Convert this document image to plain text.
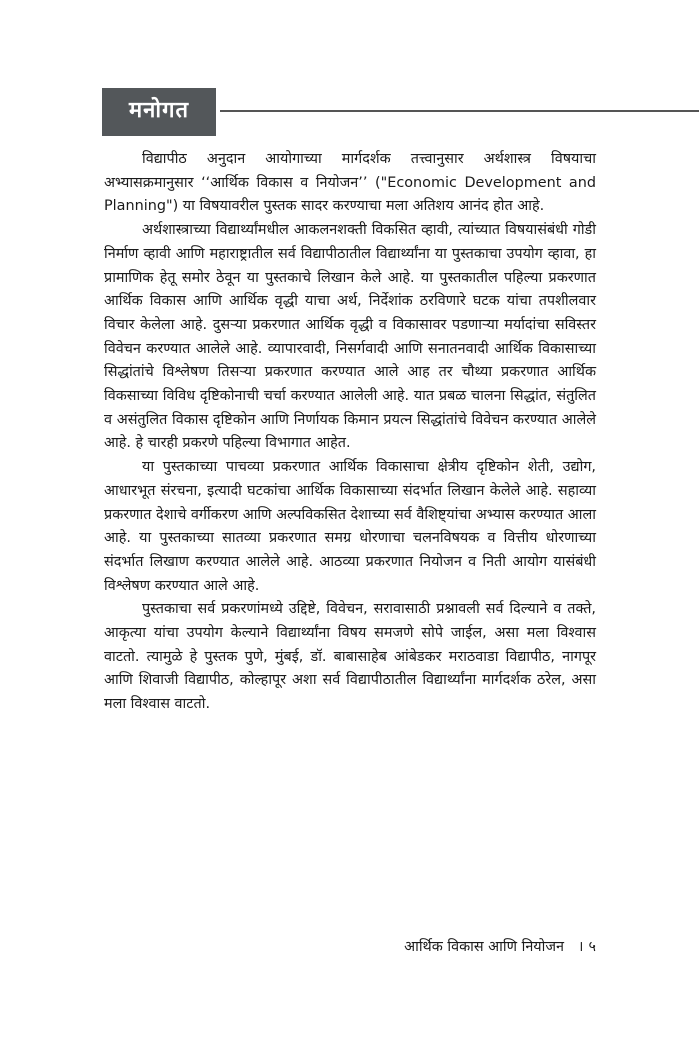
मनोगत

विद्यापीठ अनुदान आयोगाच्या मार्गदर्शक तत्त्वानुसार अर्थशास्त्र विषयाचा अभ्यासक्रमानुसार ‘‘आर्थिक विकास व नियोजन’’ ("Economic Development and Planning") या विषयावरील पुस्तक सादर करण्याचा मला अतिशय आनंद होत आहे.

अर्थशास्त्राच्या विद्यार्थ्यांमधील आकलनशक्ती विकसित व्हावी, त्यांच्यात विषयासंबंधी गोडी निर्माण व्हावी आणि महाराष्ट्रातील सर्व विद्यापीठातील विद्यार्थ्यांना या पुस्तकाचा उपयोग व्हावा, हा प्रामाणिक हेतू समोर ठेवून या पुस्तकाचे लिखान केले आहे. या पुस्तकातील पहिल्या प्रकरणात आर्थिक विकास आणि आर्थिक वृद्धी याचा अर्थ, निर्देशांक ठरविणारे घटक यांचा तपशीलवार विचार केलेला आहे. दुसऱ्या प्रकरणात आर्थिक वृद्धी व विकासावर पडणाऱ्या मर्यादांचा सविस्तर विवेचन करण्यात आलेले आहे. व्यापारवादी, निसर्गवादी आणि सनातनवादी आर्थिक विकासाच्या सिद्धांतांचे विश्लेषण तिसऱ्या प्रकरणात करण्यात आले आह तर चौथ्या प्रकरणात आर्थिक विकसाच्या विविध दृष्टिकोनाची चर्चा करण्यात आलेली आहे. यात प्रबळ चालना सिद्धांत, संतुलित व असंतुलित विकास दृष्टिकोन आणि निर्णायक किमान प्रयत्न सिद्धांतांचे विवेचन करण्यात आलेले आहे. हे चारही प्रकरणे पहिल्या विभागात आहेत.

या पुस्तकाच्या पाचव्या प्रकरणात आर्थिक विकासाचा क्षेत्रीय दृष्टिकोन शेती, उद्योग, आधारभूत संरचना, इत्यादी घटकांचा आर्थिक विकासाच्या संदर्भात लिखान केलेले आहे. सहाव्या प्रकरणात देशाचे वर्गीकरण आणि अल्पविकसित देशाच्या सर्व वैशिष्ट्यांचा अभ्यास करण्यात आला आहे. या पुस्तकाच्या सातव्या प्रकरणात समग्र धोरणाचा चलनविषयक व वित्तीय धोरणाच्या संदर्भात लिखाण करण्यात आलेले आहे. आठव्या प्रकरणात नियोजन व निती आयोग यासंबंधी विश्लेषण करण्यात आले आहे.

पुस्तकाचा सर्व प्रकरणांमध्ये उद्दिष्टे, विवेचन, सरावासाठी प्रश्नावली सर्व दिल्याने व तक्ते, आकृत्या यांचा उपयोग केल्याने विद्यार्थ्यांना विषय समजणे सोपे जाईल, असा मला विश्वास वाटतो. त्यामुळे हे पुस्तक पुणे, मुंबई, डॉ. बाबासाहेब आंबेडकर मराठवाडा विद्यापीठ, नागपूर आणि शिवाजी विद्यापीठ, कोल्हापूर अशा सर्व विद्यापीठातील विद्यार्थ्यांना मार्गदर्शक ठरेल, असा मला विश्वास वाटतो.

आर्थिक विकास आणि नियोजन । ५
